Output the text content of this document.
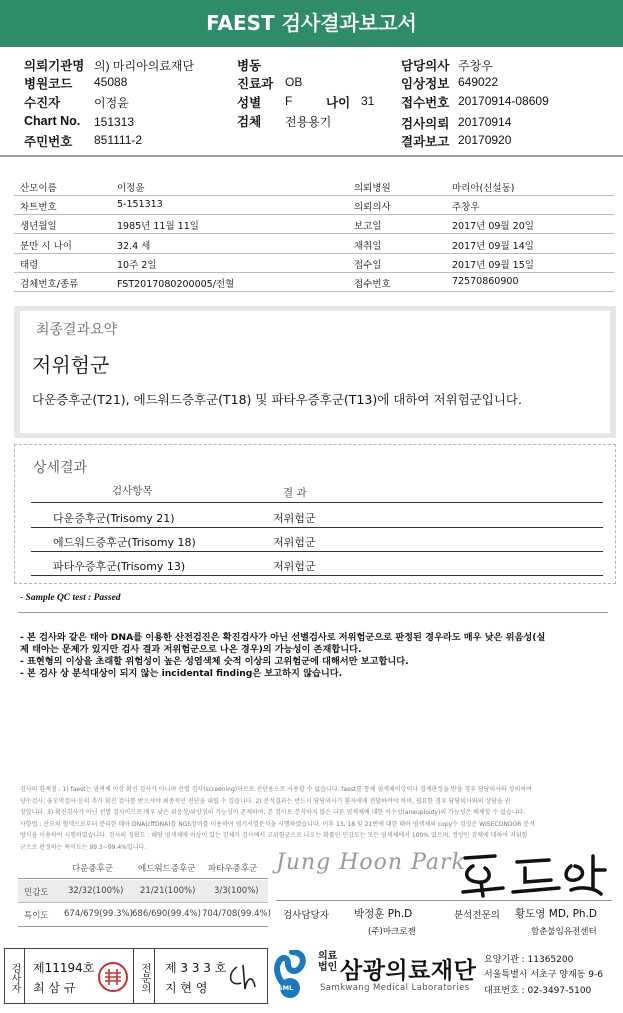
FAEST 검사결과보고서
의뢰기관명 의) 마리아의료재단	병동	담당의사 주창우
병원코드 45088	진료과 OB	임상정보 649022
수진자	이정윤	성별 F	나이 31 접수번호 20170914-08609
Chart No. 151313	검체 전용용기	검사의뢰 20170914
주민번호 851111-2	결과보고 20170920
산모이름	이정윤	의뢰병원	마리아(신설동)
차트번호	5-151313	의뢰의사	주창우
생년월일	1985년 11월 11일	보고일	2017년 09월 20일
분만 시 나이	32.4 세	채취일	2017년 09월 14일
태령	10주 2일	접수일	2017년 09월 15일
검체번호/종류	FST2017080200005/전혈	접수번호	72570860900
최종결과요약
저위험군
다운증후군(T21), 에드워드증후군(T18) 및 파타우증후군(T13)에 대하여 저위험군입니다.
상세결과
검사항목	결 과
다운증후군(Trisomy 21)	저위험군
에드워드증후군(Trisomy 18)	저위험군
파타우증후군(Trisomy 13)	저위험군
- Sample QC test : Passed
- 본 검사와 같은 태아 DNA를 이용한 산전검진은 확진검사가 아닌 선별검사로 저위험군으로 판정된 경우라도 매우 낮은 위음성(실
제 태아는 문제가 있지만 검사 결과 저위험군으로 나온 경우)의 가능성이 존재합니다.
- 표현형의 이상을 초래할 위험성이 높은 성염색체 숫적 이상의 고위험군에 대해서만 보고합니다.
- 본 검사 상 분석대상이 되지 않는 incidental finding은 보고하지 않습니다.
검사의 한계점 : 1) faest는 염색체 이상 확진 검사가 아니며 선별 검사(screening)이므로 진단용으로 사용할 수 없습니다. faest를 통해 염색체이상이나 경계판정을 받을 경우 담당의사와 상의하여
양수검사, 융모막검사 등의 추가 확진 검사를 받으셔야 최종적인 진단을 내릴 수 있습니다. 2) 분석결과는 반드시 담당의사가 환자에게 전달하여야 하며, 필요한 경우 담당의사와의 상담을 권
장합니다. 3) 확진검사가 아닌 선별 검사이므로 매우 낮은 위음성/위양성의 가능성이 존재하며, 본 검사로 분석하지 않은 다른 염색체에 대한 이수성(aneuploidy)의 가능성은 배제할 수 없습니다.
사항법 : 산모의 혈액으로부터 분리한 태아 DNA(cffDNA)를 NGS장비를 이용하여 염기서열분석을 시행하였습니다. 이후 13, 18 및 21번에 대한 태아 염색체의 copy수 검정은 WISECONDOR 분석
방식을 이용하여 시행하였습니다. 검사의 정확도 : 해당 염색체에 이상이 있는 검체가 검사에서 고위험군으로 나오는 확률인 민감도는 모든 염색체에서 100% 였으며, 정상인 검체에 대하여 저위험
군으로 판정하는 특이도는 99.3~99.4%입니다.
다운증후군	에드워드증후군 파타우증후군
민감도 32/32(100%) 21/21(100%) 3/3(100%)
특이도 674/679(99.3%) 686/690(99.4%) 704/708(99.4%)
Jung Hoon Park
검사담당자 박정훈 Ph.D
(주)마크로젠
분석전문의 황도영 MD, Ph.D
함춘불임유전센터
검사자	제11194호
최 삼 규	전문의	제 3 3 3 호
지 현 영	SML
의료법인 삼광의료재단
Samkwang Medical Laboratories
요양기관 : 11365200
서울특별시 서초구 양재동 9-6
대표번호 : 02-3497-5100
